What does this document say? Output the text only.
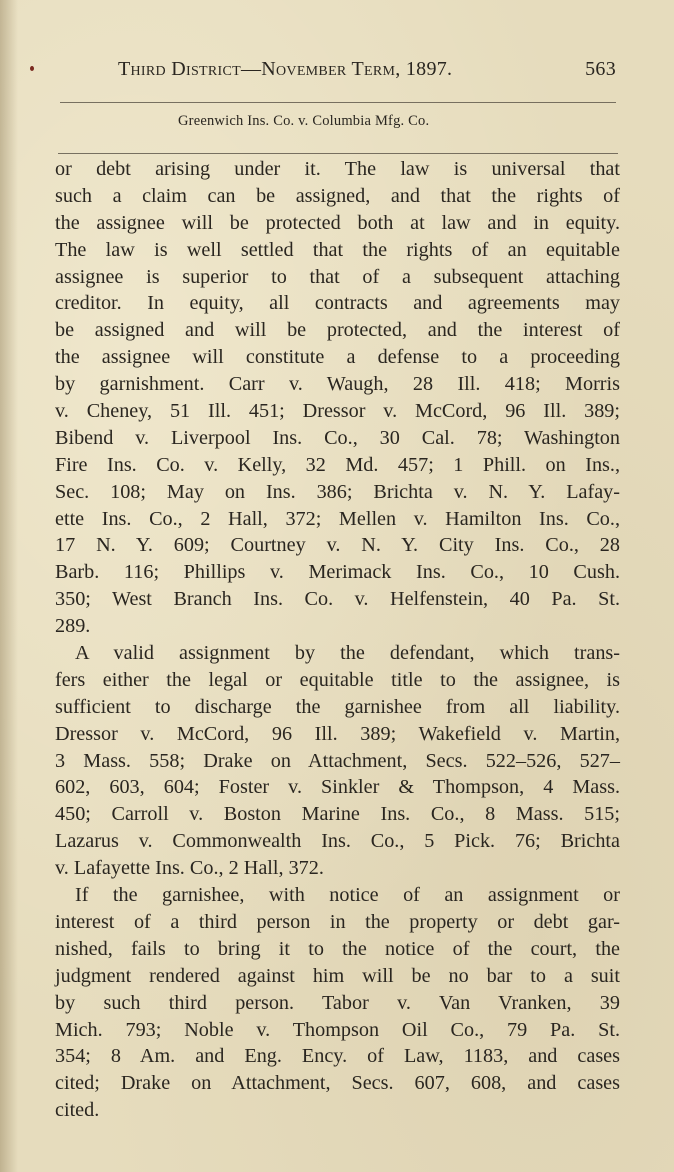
Third District—November Term, 1897.	563
Greenwich Ins. Co. v. Columbia Mfg. Co.
or debt arising under it. The law is universal that
such a claim can be assigned, and that the rights of
the assignee will be protected both at law and in equity.
The law is well settled that the rights of an equitable
assignee is superior to that of a subsequent attaching
creditor. In equity, all contracts and agreements may
be assigned and will be protected, and the interest of
the assignee will constitute a defense to a proceeding
by garnishment. Carr v. Waugh, 28 Ill. 418; Morris
v. Cheney, 51 Ill. 451; Dressor v. McCord, 96 Ill. 389;
Bibend v. Liverpool Ins. Co., 30 Cal. 78; Washington
Fire Ins. Co. v. Kelly, 32 Md. 457; 1 Phill. on Ins.,
Sec. 108; May on Ins. 386; Brichta v. N. Y. Lafay-
ette Ins. Co., 2 Hall, 372; Mellen v. Hamilton Ins. Co.,
17 N. Y. 609; Courtney v. N. Y. City Ins. Co., 28
Barb. 116; Phillips v. Merimack Ins. Co., 10 Cush.
350; West Branch Ins. Co. v. Helfenstein, 40 Pa. St.
289.
A valid assignment by the defendant, which trans-
fers either the legal or equitable title to the assignee, is
sufficient to discharge the garnishee from all liability.
Dressor v. McCord, 96 Ill. 389; Wakefield v. Martin,
3 Mass. 558; Drake on Attachment, Secs. 522–526, 527–
602, 603, 604; Foster v. Sinkler & Thompson, 4 Mass.
450; Carroll v. Boston Marine Ins. Co., 8 Mass. 515;
Lazarus v. Commonwealth Ins. Co., 5 Pick. 76; Brichta
v. Lafayette Ins. Co., 2 Hall, 372.
If the garnishee, with notice of an assignment or
interest of a third person in the property or debt gar-
nished, fails to bring it to the notice of the court, the
judgment rendered against him will be no bar to a suit
by such third person. Tabor v. Van Vranken, 39
Mich. 793; Noble v. Thompson Oil Co., 79 Pa. St.
354; 8 Am. and Eng. Ency. of Law, 1183, and cases
cited; Drake on Attachment, Secs. 607, 608, and cases
cited.
